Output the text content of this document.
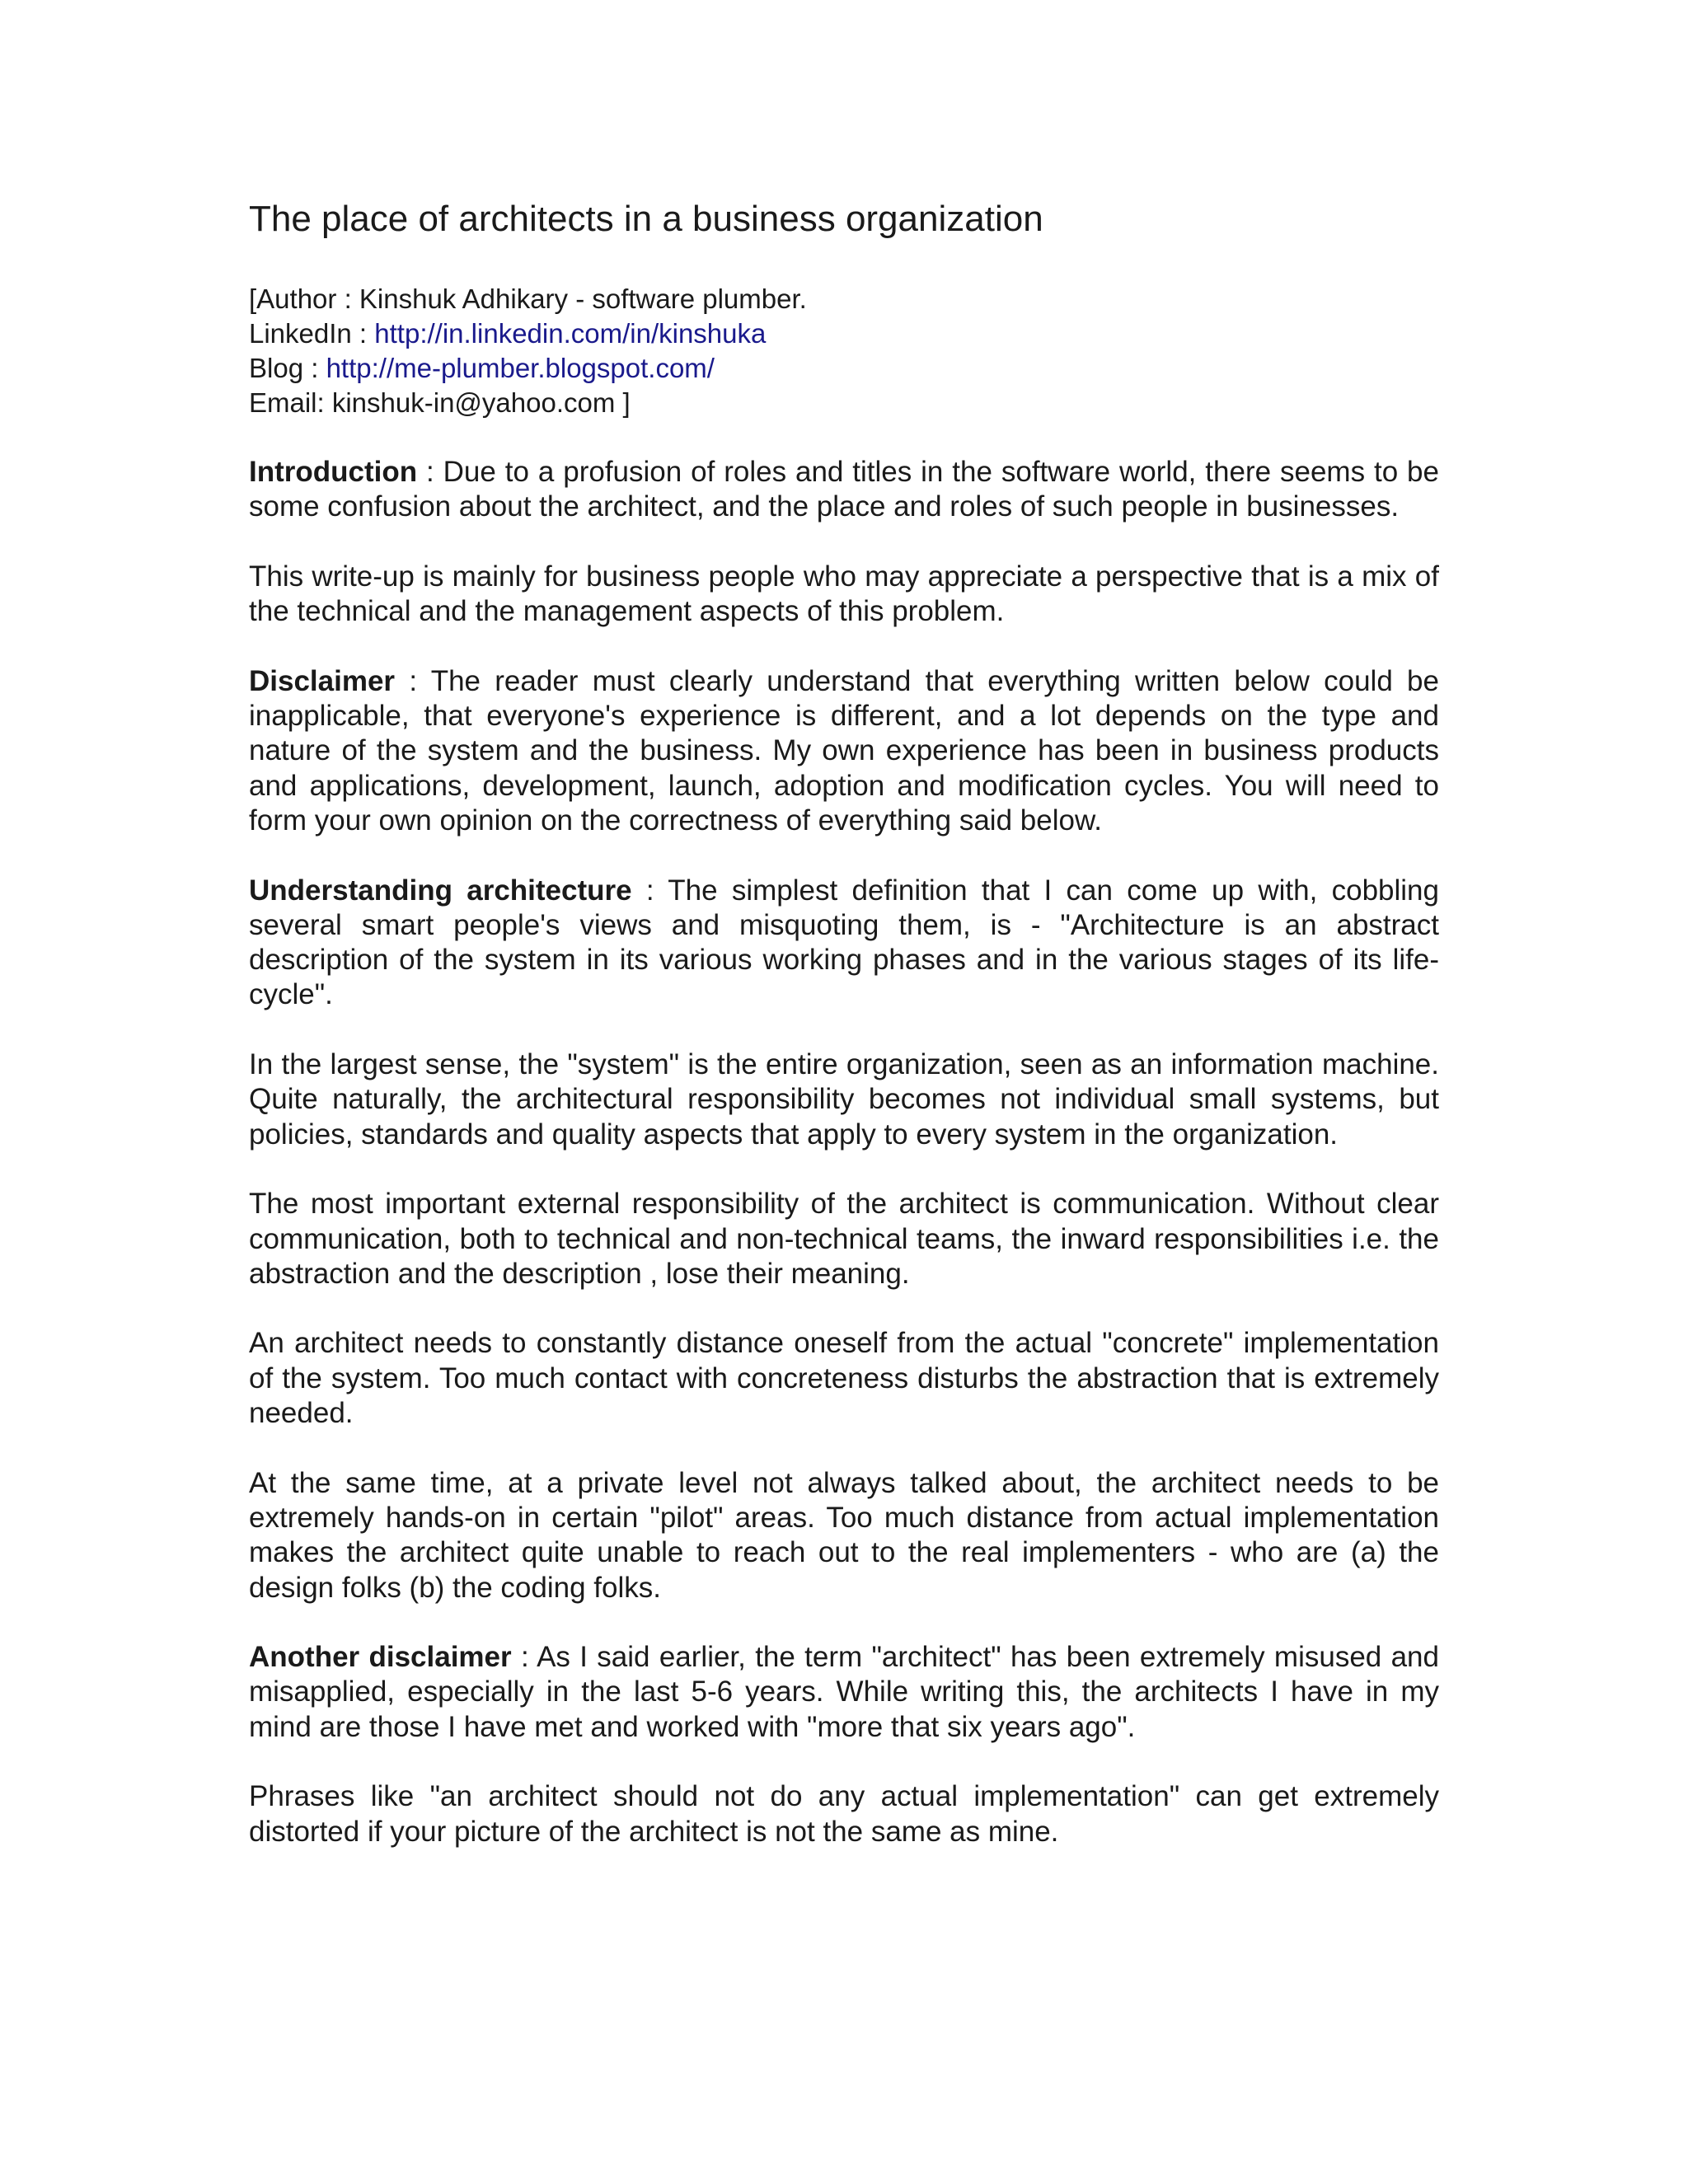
The place of architects in a business organization
[Author : Kinshuk Adhikary - software plumber.
LinkedIn : http://in.linkedin.com/in/kinshuka
Blog : http://me-plumber.blogspot.com/
Email: kinshuk-in@yahoo.com ]

Introduction : Due to a profusion of roles and titles in the software world, there seems to be some confusion about the architect, and the place and roles of such people in businesses.

This write-up is mainly for business people who may appreciate a perspective that is a mix of the technical and the management aspects of this problem.

Disclaimer : The reader must clearly understand that everything written below could be inapplicable, that everyone's experience is different, and a lot depends on the type and nature of the system and the business. My own experience has been in business products and applications, development, launch, adoption and modification cycles. You will need to form your own opinion on the correctness of everything said below.

Understanding architecture : The simplest definition that I can come up with, cobbling several smart people's views and misquoting them, is - "Architecture is an abstract description of the system in its various working phases and in the various stages of its life-cycle".

In the largest sense, the "system" is the entire organization, seen as an information machine. Quite naturally, the architectural responsibility becomes not individual small systems, but policies, standards and quality aspects that apply to every system in the organization.

The most important external responsibility of the architect is communication. Without clear communication, both to technical and non-technical teams, the inward responsibilities i.e. the abstraction and the description , lose their meaning.

An architect needs to constantly distance oneself from the actual "concrete" implementation of the system. Too much contact with concreteness disturbs the abstraction that is extremely needed.

At the same time, at a private level not always talked about, the architect needs to be extremely hands-on in certain "pilot" areas. Too much distance from actual implementation makes the architect quite unable to reach out to the real implementers - who are (a) the design folks (b) the coding folks.

Another disclaimer : As I said earlier, the term "architect" has been extremely misused and misapplied, especially in the last 5-6 years. While writing this, the architects I have in my mind are those I have met and worked with "more that six years ago".

Phrases like "an architect should not do any actual implementation" can get extremely distorted if your picture of the architect is not the same as mine.
